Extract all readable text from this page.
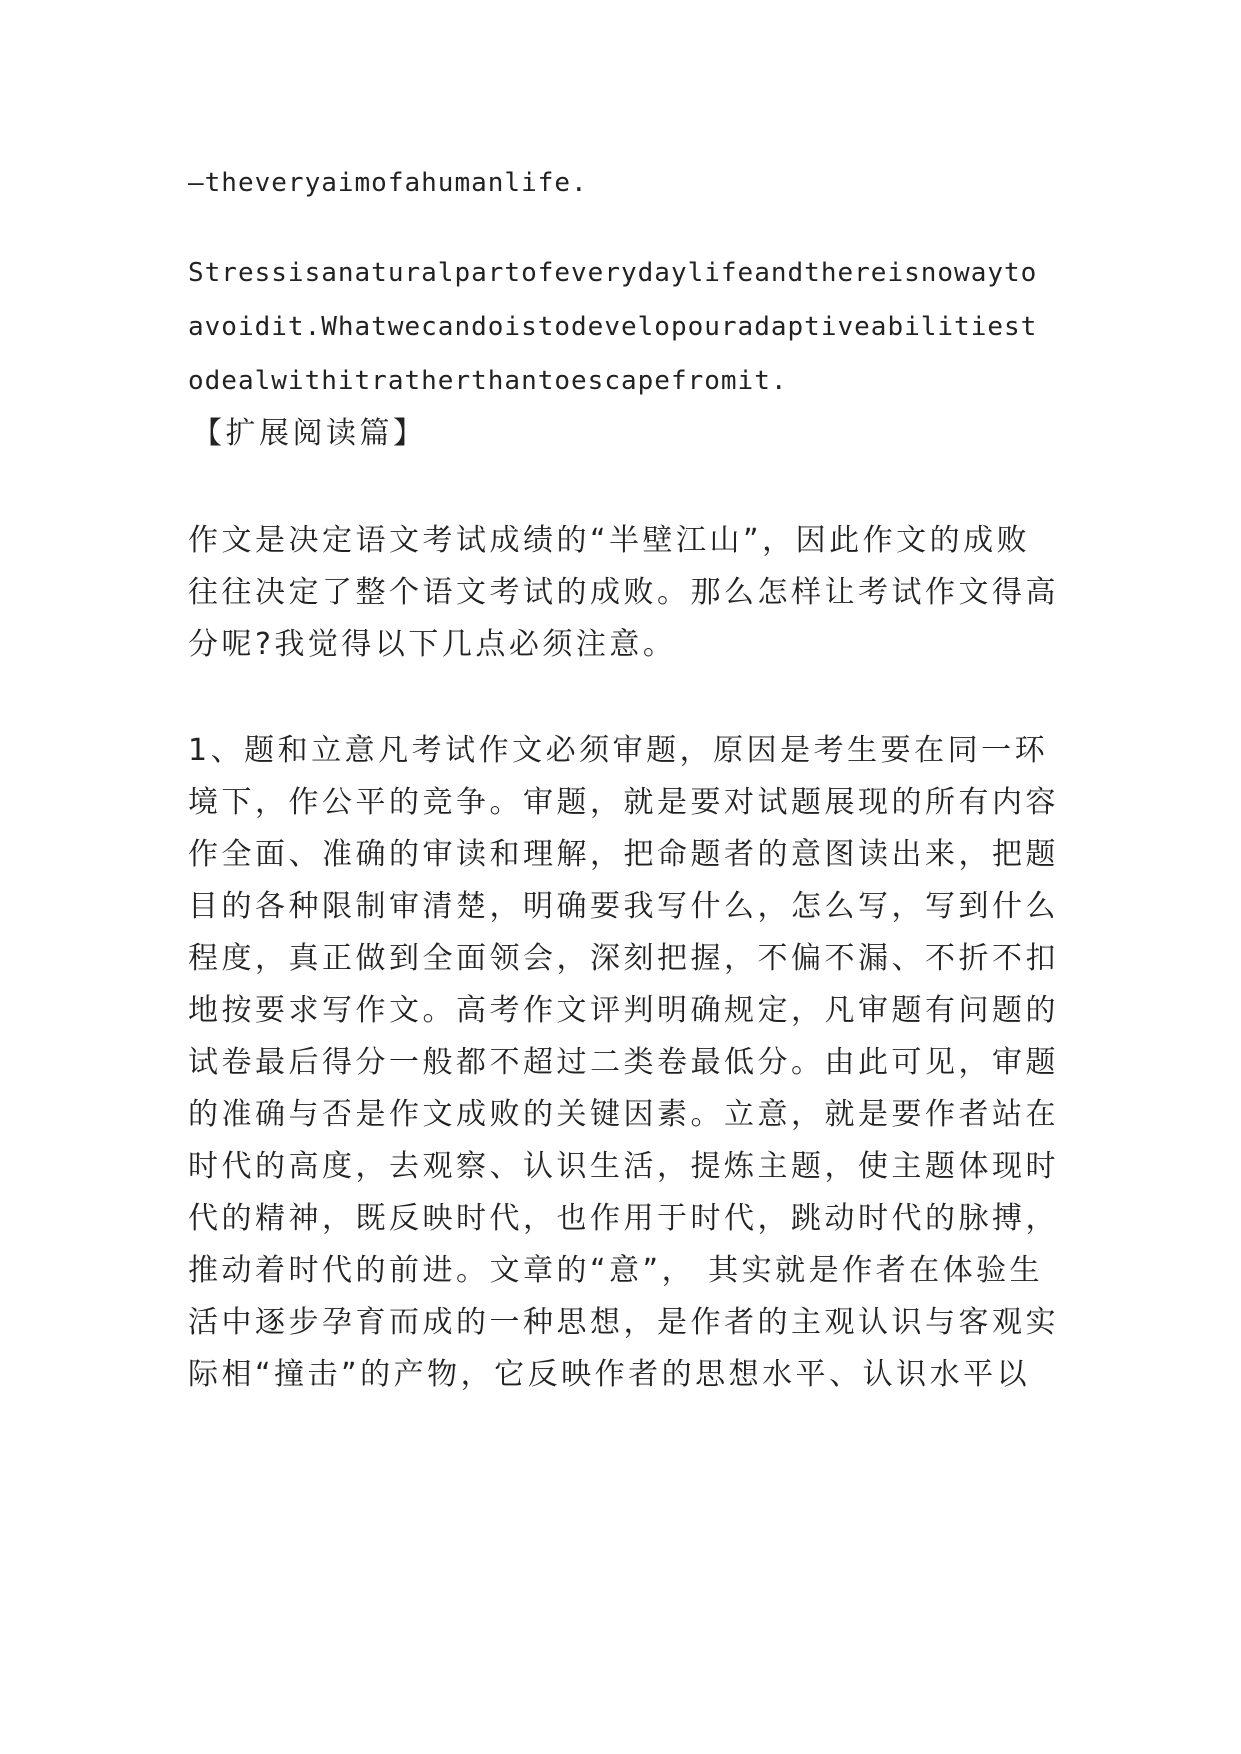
—theveryaimofahumanlife.

Stressisanaturalpartofeverydaylifeandthereisnowayto

avoidit.Whatwecandoistodevelopouradaptiveabilitiest

odealwithitratherthantoescapefromit.

【扩展阅读篇】

作文是决定语文考试成绩的“半壁江山”，因此作文的成败

往往决定了整个语文考试的成败。那么怎样让考试作文得高

分呢?我觉得以下几点必须注意。

1、题和立意凡考试作文必须审题，原因是考生要在同一环

境下，作公平的竞争。审题，就是要对试题展现的所有内容

作全面、准确的审读和理解，把命题者的意图读出来，把题

目的各种限制审清楚，明确要我写什么，怎么写，写到什么

程度，真正做到全面领会，深刻把握，不偏不漏、不折不扣

地按要求写作文。高考作文评判明确规定，凡审题有问题的

试卷最后得分一般都不超过二类卷最低分。由此可见，审题

的准确与否是作文成败的关键因素。立意，就是要作者站在

时代的高度，去观察、认识生活，提炼主题，使主题体现时

代的精神，既反映时代，也作用于时代，跳动时代的脉搏，

推动着时代的前进。文章的“意”， 其实就是作者在体验生

活中逐步孕育而成的一种思想，是作者的主观认识与客观实

际相“撞击”的产物，它反映作者的思想水平、认识水平以
